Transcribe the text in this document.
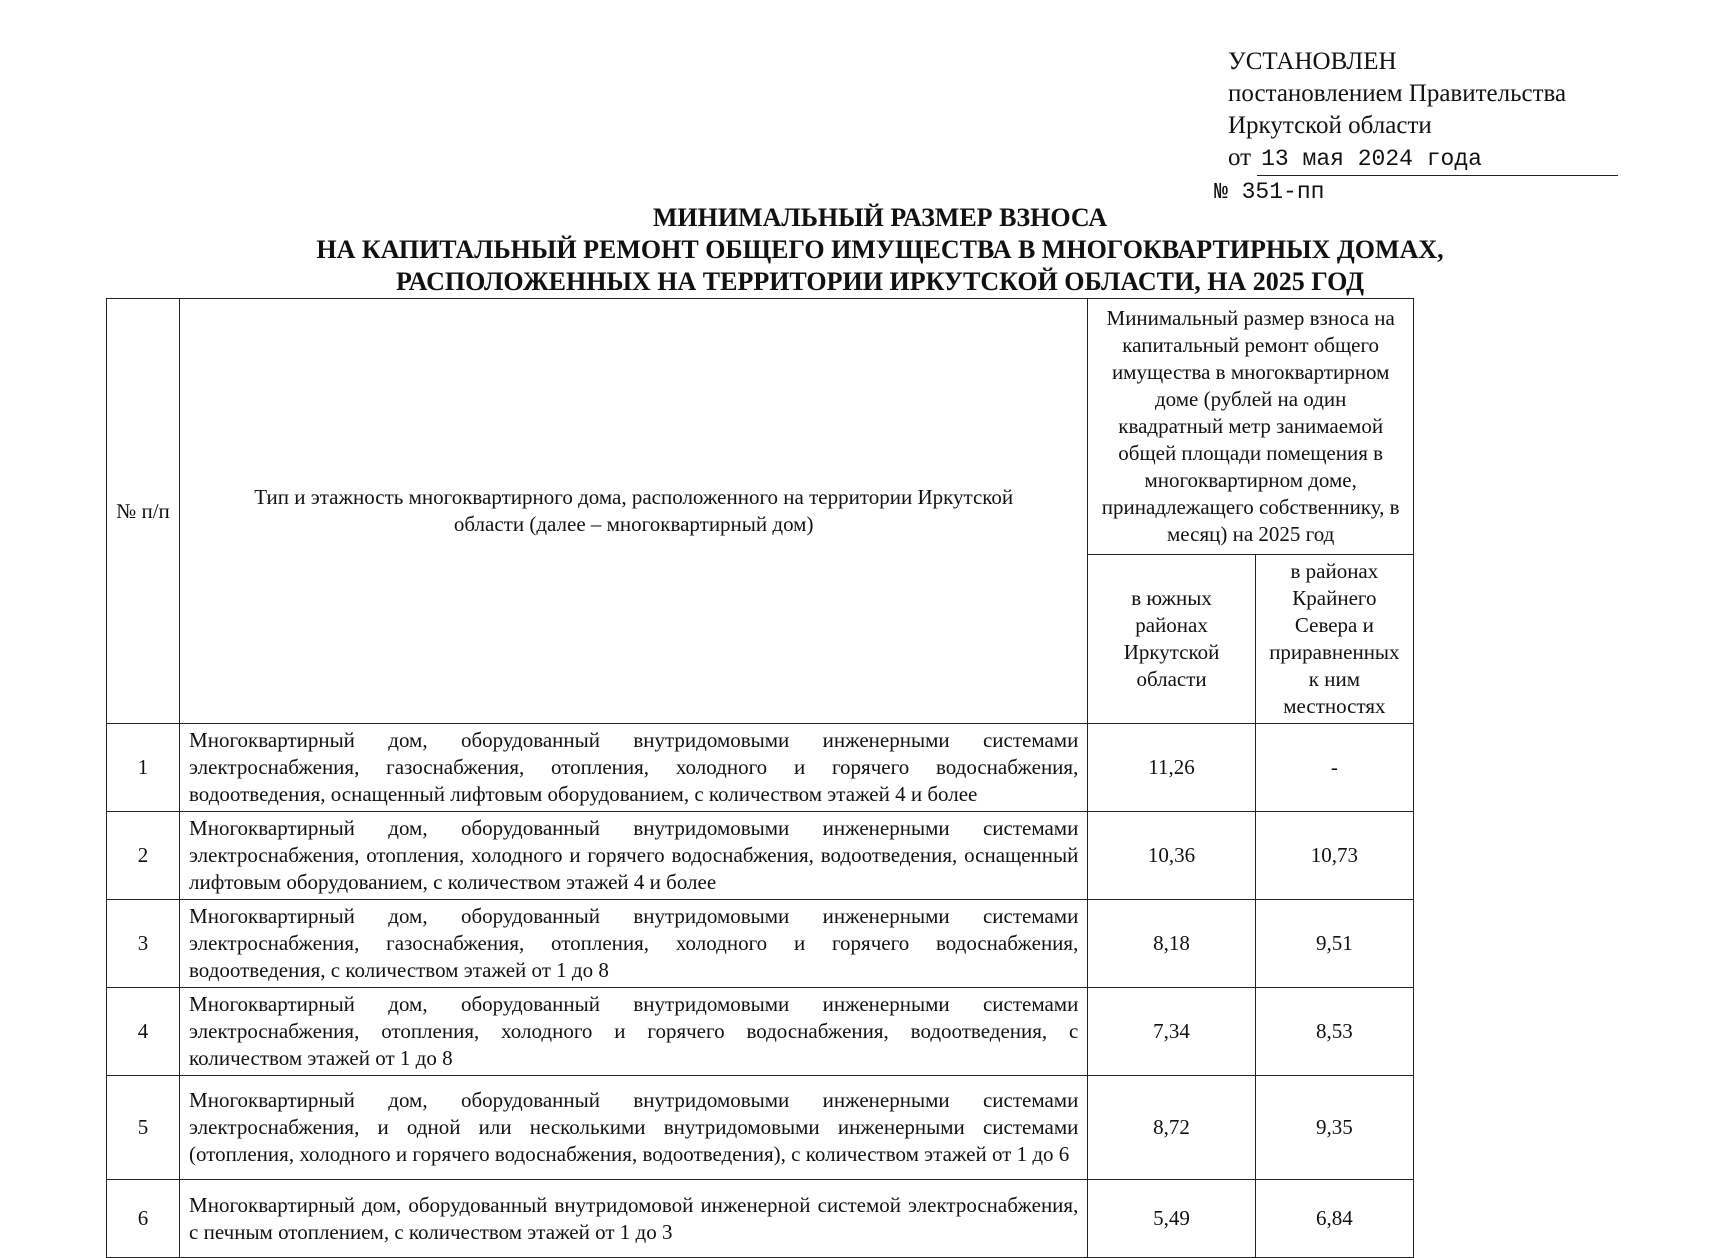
УСТАНОВЛЕН
постановлением Правительства
Иркутской области
от 13 мая 2024 года
№ 351-пп
МИНИМАЛЬНЫЙ РАЗМЕР ВЗНОСА
НА КАПИТАЛЬНЫЙ РЕМОНТ ОБЩЕГО ИМУЩЕСТВА В МНОГОКВАРТИРНЫХ ДОМАХ,
РАСПОЛОЖЕННЫХ НА ТЕРРИТОРИИ ИРКУТСКОЙ ОБЛАСТИ, НА 2025 ГОД
№ п/п	Тип и этажность многоквартирного дома, расположенного на территории Иркутской области (далее – многоквартирный дом)	Минимальный размер взноса на капитальный ремонт общего имущества в многоквартирном доме (рублей на один квадратный метр занимаемой общей площади помещения в многоквартирном доме, принадлежащего собственнику, в месяц) на 2025 год	
		в южных районах Иркутской области	в районах Крайнего Севера и приравненных к ним местностях
1	Многоквартирный дом, оборудованный внутридомовыми инженерными системами электроснабжения, газоснабжения, отопления, холодного и горячего водоснабжения, водоотведения, оснащенный лифтовым оборудованием, с количеством этажей 4 и более	11,26	-
2	Многоквартирный дом, оборудованный внутридомовыми инженерными системами электроснабжения, отопления, холодного и горячего водоснабжения, водоотведения, оснащенный лифтовым оборудованием, с количеством этажей 4 и более	10,36	10,73
3	Многоквартирный дом, оборудованный внутридомовыми инженерными системами электроснабжения, газоснабжения, отопления, холодного и горячего водоснабжения, водоотведения, с количеством этажей от 1 до 8	8,18	9,51
4	Многоквартирный дом, оборудованный внутридомовыми инженерными системами электроснабжения, отопления, холодного и горячего водоснабжения, водоотведения, с количеством этажей от 1 до 8	7,34	8,53
5	Многоквартирный дом, оборудованный внутридомовыми инженерными системами электроснабжения, и одной или несколькими внутридомовыми инженерными системами (отопления, холодного и горячего водоснабжения, водоотведения), с количеством этажей от 1 до 6	8,72	9,35
6	Многоквартирный дом, оборудованный внутридомовой инженерной системой электроснабжения, с печным отоплением, с количеством этажей от 1 до 3	5,49	6,84
